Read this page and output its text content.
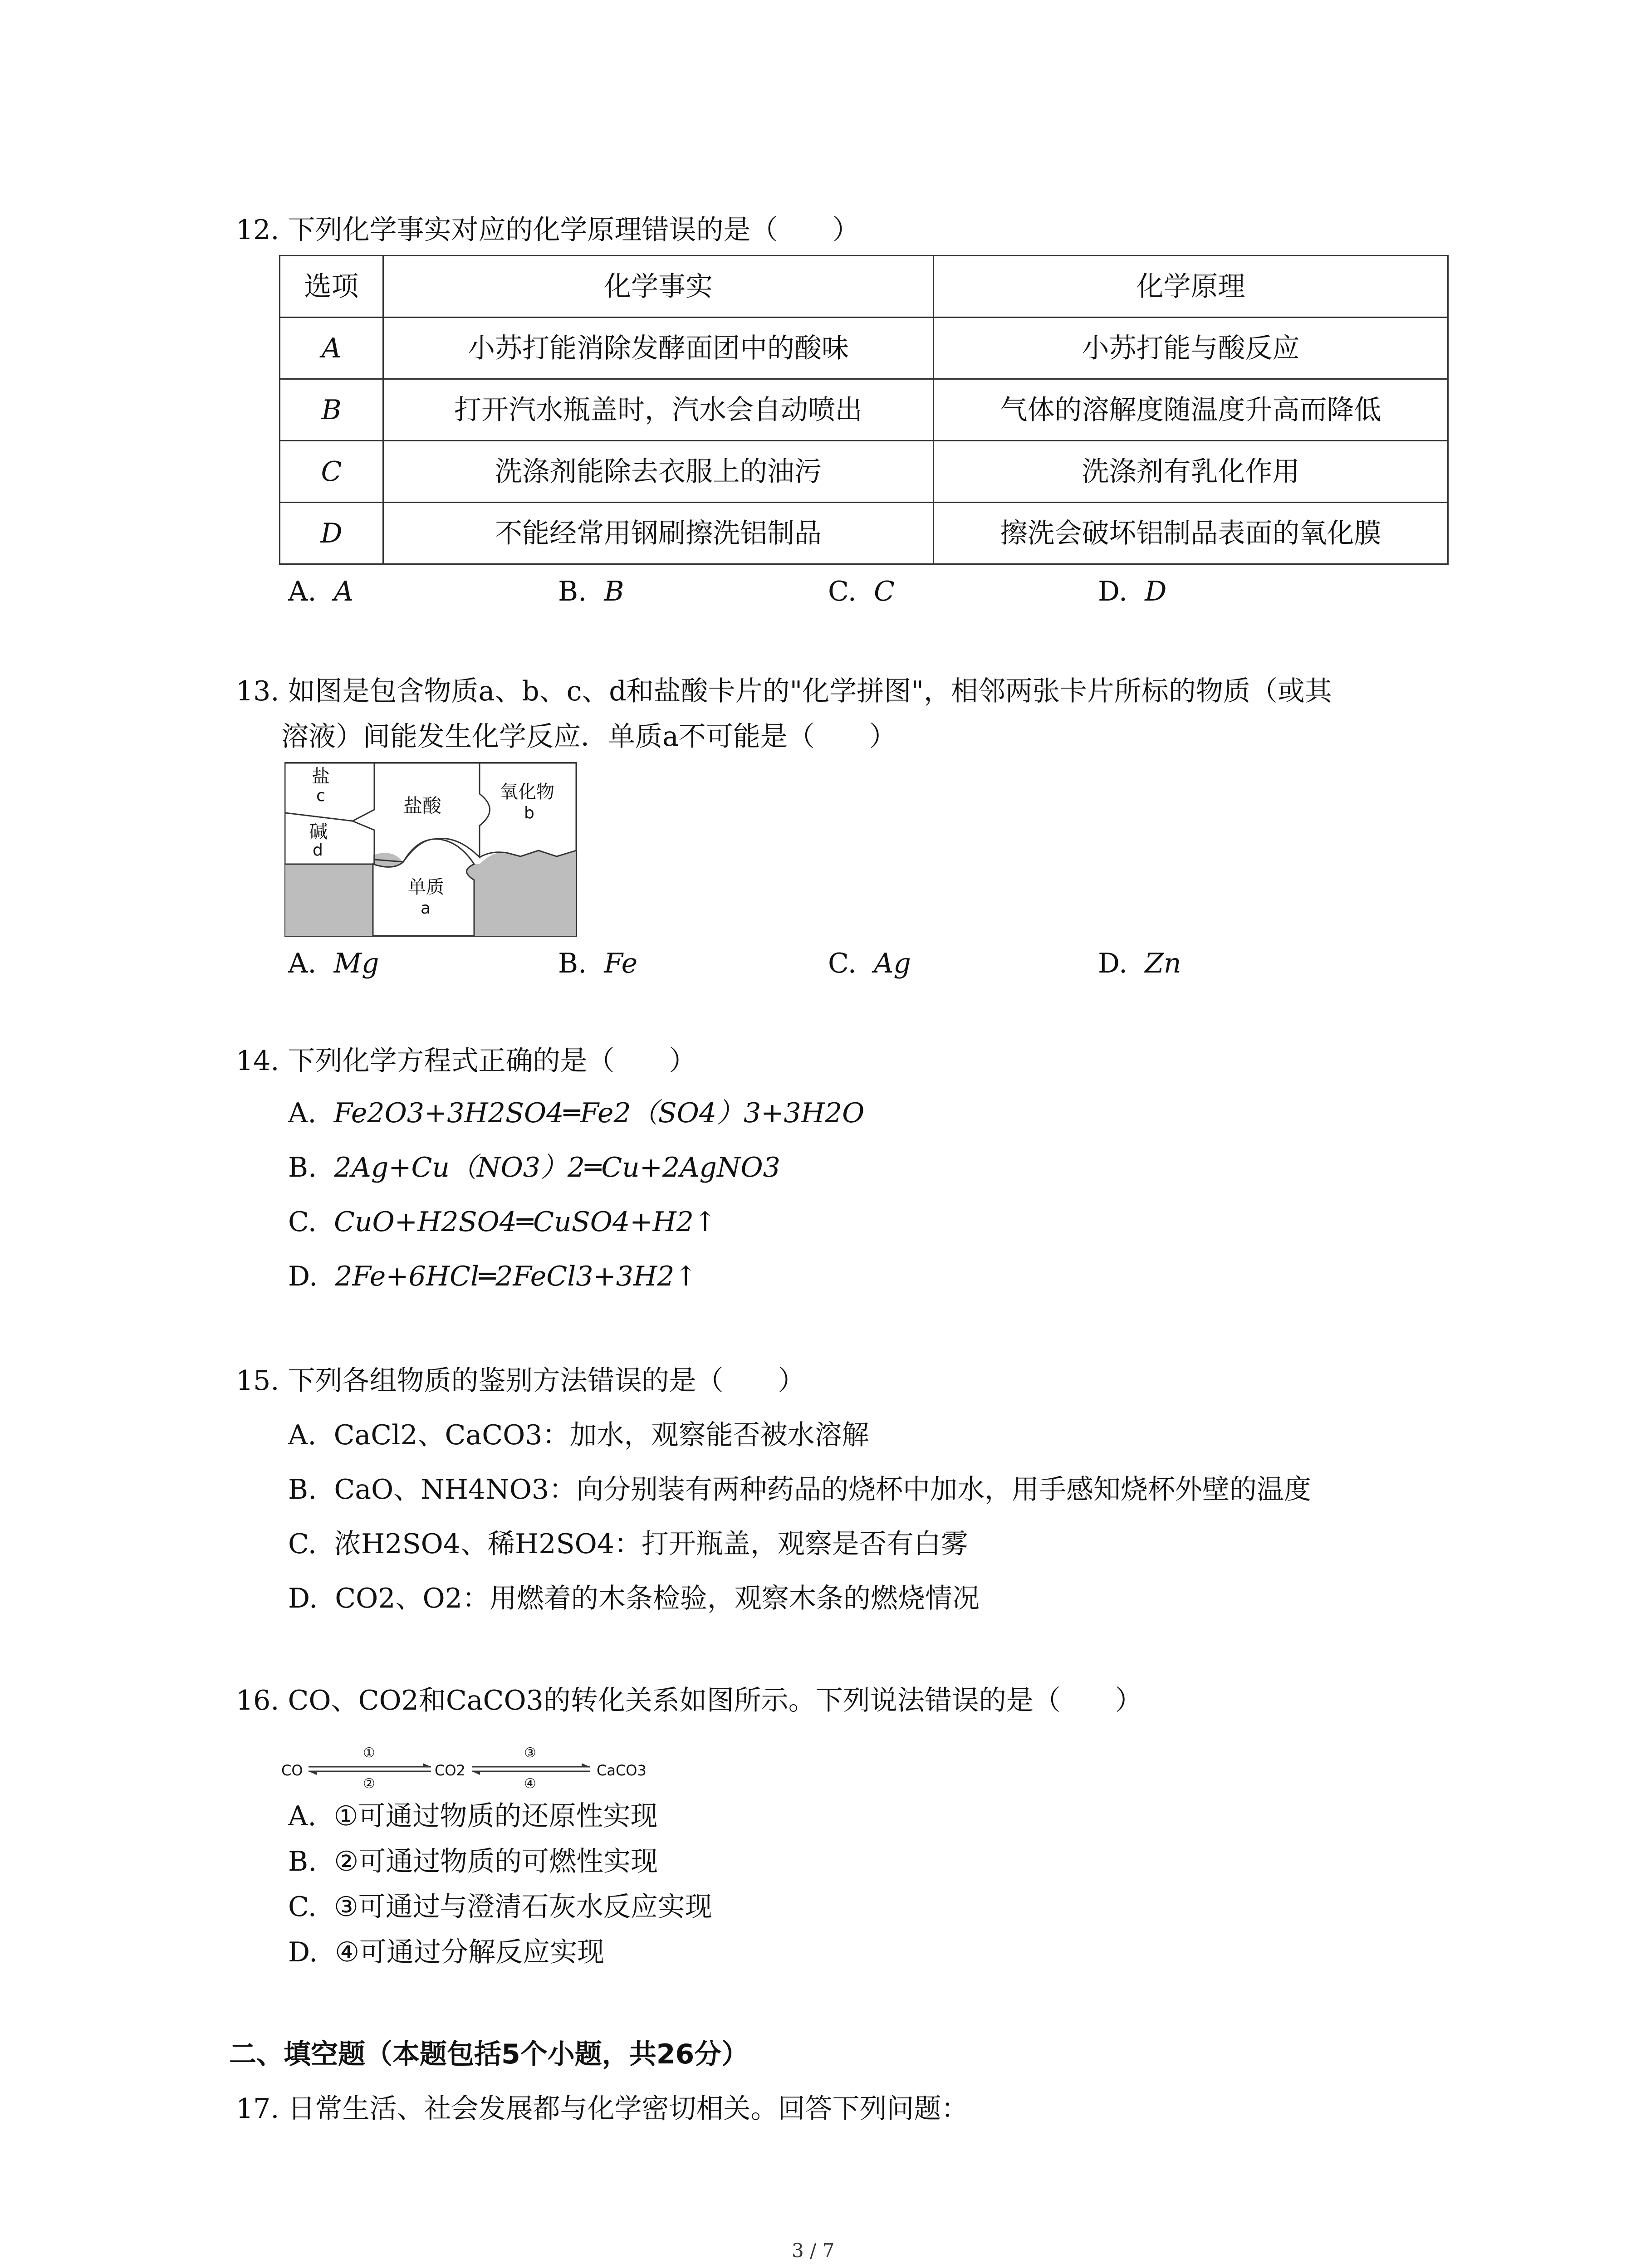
12. 下列化学事实对应的化学原理错误的是（　　）
选项	化学事实	化学原理
A	小苏打能消除发酵面团中的酸味	小苏打能与酸反应
B	打开汽水瓶盖时，汽水会自动喷出	气体的溶解度随温度升高而降低
C	洗涤剂能除去衣服上的油污	洗涤剂有乳化作用
D	不能经常用钢刷擦洗铝制品	擦洗会破坏铝制品表面的氧化膜
A. A	B. B	C. C	D. D
13. 如图是包含物质a、b、c、d和盐酸卡片的"化学拼图"，相邻两张卡片所标的物质（或其
溶液）间能发生化学反应．单质a不可能是（　　）
盐
c	盐酸
氧化物
b
碱
d
单质
a
A. Mg	B. Fe	C. Ag	D. Zn
14. 下列化学方程式正确的是（　　）
A. Fe2O3+3H2SO4═Fe2（SO4）3+3H2O
B. 2Ag+Cu（NO3）2═Cu+2AgNO3
C. CuO+H2SO4═CuSO4+H2↑
D. 2Fe+6HCl═2FeCl3+3H2↑
15. 下列各组物质的鉴别方法错误的是（　　）
A. CaCl2、CaCO3：加水，观察能否被水溶解
B. CaO、NH4NO3：向分别装有两种药品的烧杯中加水，用手感知烧杯外壁的温度
C. 浓H2SO4、稀H2SO4：打开瓶盖，观察是否有白雾
D. CO2、O2：用燃着的木条检验，观察木条的燃烧情况
16. CO、CO2和CaCO3的转化关系如图所示。下列说法错误的是（　　）
CO	CO2	CaCO3
①
②
③
④
A. ①可通过物质的还原性实现
B. ②可通过物质的可燃性实现
C. ③可通过与澄清石灰水反应实现
D. ④可通过分解反应实现
二、填空题（本题包括5个小题，共26分）
17. 日常生活、社会发展都与化学密切相关。回答下列问题：
3 / 7
